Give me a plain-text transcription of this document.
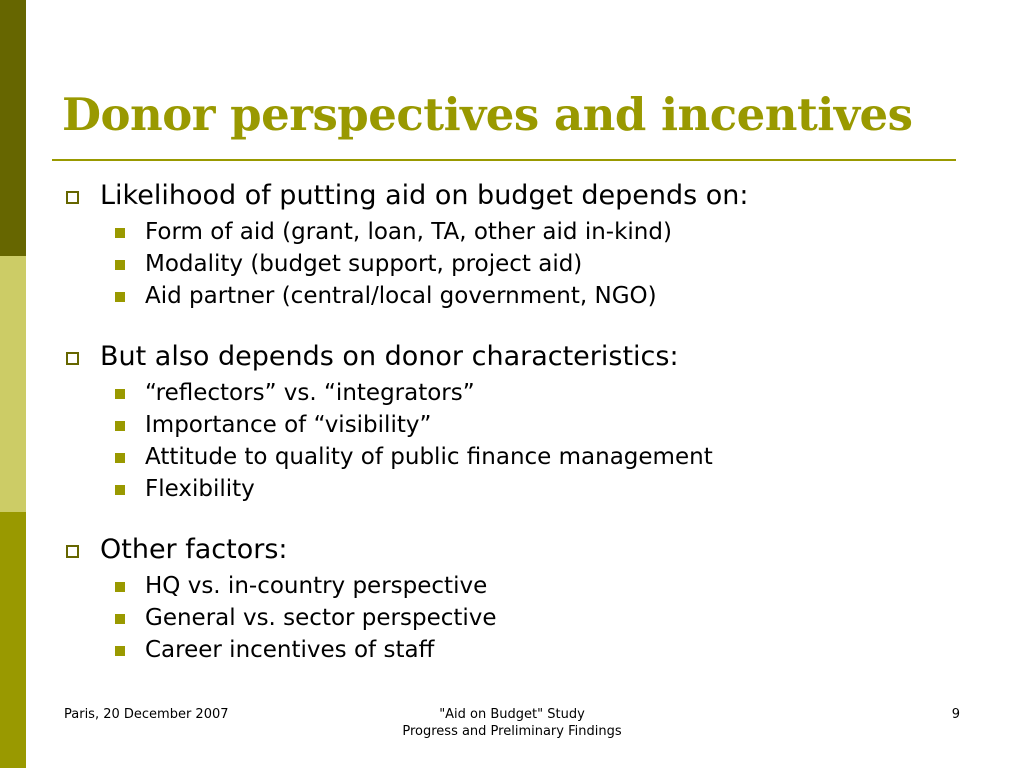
Donor perspectives and incentives
Likelihood of putting aid on budget depends on:
Form of aid (grant, loan, TA, other aid in-kind)
Modality (budget support, project aid)
Aid partner (central/local government, NGO)
But also depends on donor characteristics:
“reflectors” vs. “integrators”
Importance of “visibility”
Attitude to quality of public finance management
Flexibility
Other factors:
HQ vs. in-country perspective
General vs. sector perspective
Career incentives of staff
Paris, 20 December 2007	"Aid on Budget" Study
Progress and Preliminary Findings
9
